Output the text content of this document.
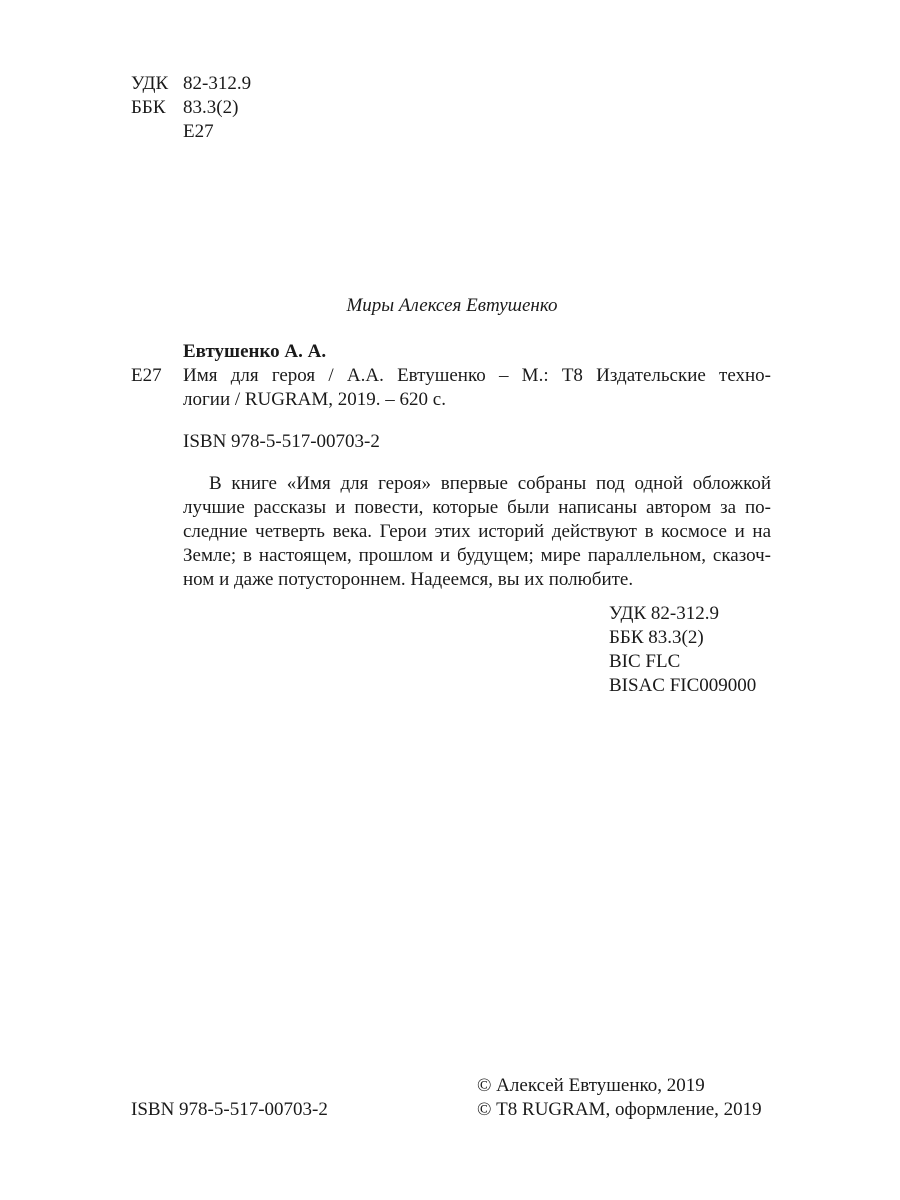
УДК 82-312.9
ББК 83.3(2)
Е27
Миры Алексея Евтушенко
Е27
Евтушенко А. А.
Имя для героя / А.А. Евтушенко – М.: Т8 Издательские техно-
логии / RUGRAM, 2019. – 620 с.
ISBN 978-5-517-00703-2
В книге «Имя для героя» впервые собраны под одной обложкой
лучшие рассказы и повести, которые были написаны автором за по-
следние четверть века. Герои этих историй действуют в космосе и на
Земле; в настоящем, прошлом и будущем; мире параллельном, сказоч-
ном и даже потустороннем. Надеемся, вы их полюбите.
УДК 82-312.9
ББК 83.3(2)
BIC FLC
BISAC FIC009000
ISBN 978-5-517-00703-2
© Алексей Евтушенко, 2019
© Т8 RUGRAM, оформление, 2019
